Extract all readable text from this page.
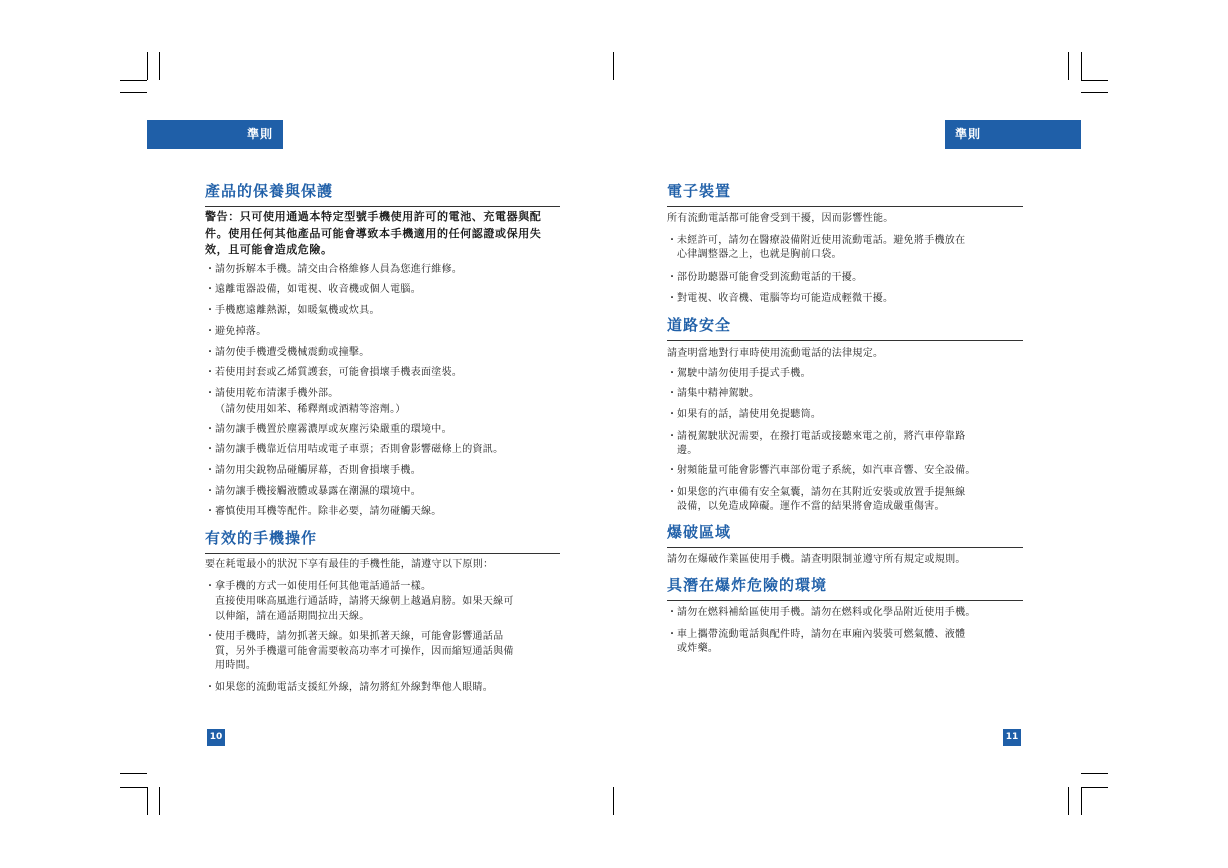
準則
產品的保養與保護
警告：只可使用通過本特定型號手機使用許可的電池、充電器與配件。使用任何其他產品可能會導致本手機適用的任何認證或保用失效，且可能會造成危險。
・ 請勿拆解本手機。請交由合格維修人員為您進行維修。
・ 遠離電器設備，如電視、收音機或個人電腦。
・ 手機應遠離熱源，如暖氣機或炊具。
・ 避免掉落。
・ 請勿使手機遭受機械震動或撞擊。
・ 若使用封套或乙烯質護套，可能會損壞手機表面塗裝。
・ 請使用乾布清潔手機外部。
（請勿使用如苯、稀釋劑或酒精等溶劑。）
・ 請勿讓手機置於塵霧濃厚或灰塵污染嚴重的環境中。
・ 請勿讓手機靠近信用咭或電子車票；否則會影響磁條上的資訊。
・ 請勿用尖銳物品碰觸屏幕，否則會損壞手機。
・ 請勿讓手機接觸液體或暴露在潮濕的環境中。
・ 審慎使用耳機等配件。除非必要，請勿碰觸天線。
有效的手機操作
要在耗電最小的狀況下享有最佳的手機性能，請遵守以下原則：
・ 拿手機的方式一如使用任何其他電話通話一樣。
直接使用咪高風進行通話時，請將天線朝上越過肩膀。如果天線可
以伸縮，請在通話期間拉出天線。
・ 使用手機時，請勿抓著天線。如果抓著天線，可能會影響通話品
質，另外手機還可能會需要較高功率才可操作，因而縮短通話與備
用時間。
・ 如果您的流動電話支援紅外線，請勿將紅外線對準他人眼睛。
10
準則
電子裝置
所有流動電話都可能會受到干擾，因而影響性能。
・ 未經許可，請勿在醫療設備附近使用流動電話。避免將手機放在
心律調整器之上，也就是胸前口袋。
・ 部份助聽器可能會受到流動電話的干擾。
・ 對電視、收音機、電腦等均可能造成輕微干擾。
道路安全
請查明當地對行車時使用流動電話的法律規定。
・ 駕駛中請勿使用手提式手機。
・ 請集中精神駕駛。
・ 如果有的話，請使用免提聽筒。
・ 請視駕駛狀況需要，在撥打電話或接聽來電之前，將汽車停靠路
邊。
・ 射頻能量可能會影響汽車部份電子系統，如汽車音響、安全設備。
・ 如果您的汽車備有安全氣囊，請勿在其附近安裝或放置手提無線
設備，以免造成障礙。運作不當的結果將會造成嚴重傷害。
爆破區域
請勿在爆破作業區使用手機。請查明限制並遵守所有規定或規則。
具潛在爆炸危險的環境
・ 請勿在燃料補給區使用手機。請勿在燃料或化學品附近使用手機。
・ 車上攜帶流動電話與配件時，請勿在車廂內裝裝可燃氣體、液體
或炸藥。
11
